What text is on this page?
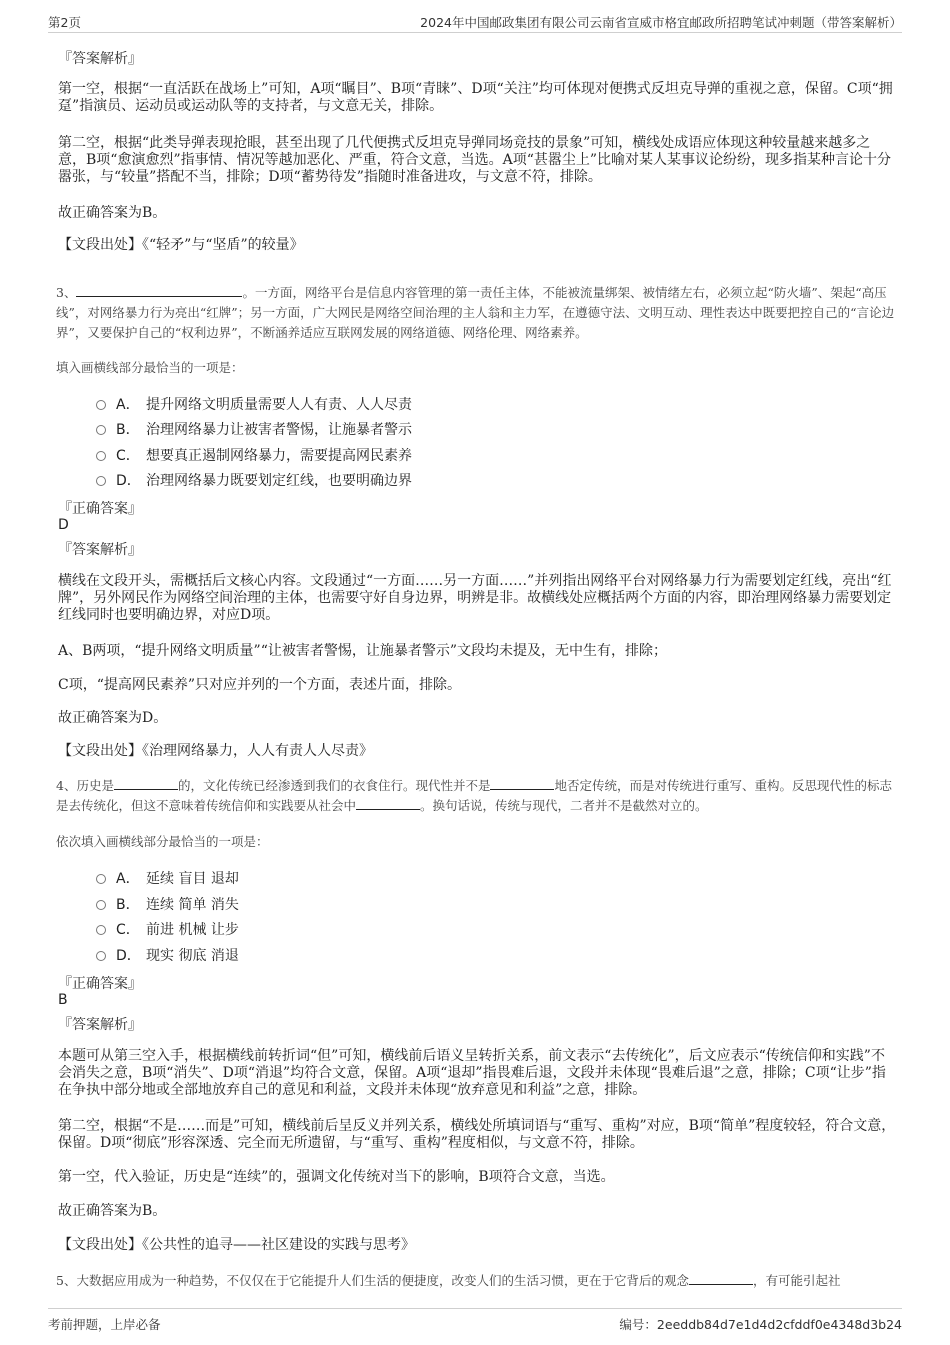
第2页	2024年中国邮政集团有限公司云南省宣威市格宜邮政所招聘笔试冲刺题（带答案解析）
『答案解析』
第一空，根据“一直活跃在战场上”可知，A项“瞩目”、B项“青睐”、D项“关注”均可体现对便携式反坦克导弹的重视之意，保留。C项“拥趸”指演员、运动员或运动队等的支持者，与文意无关，排除。
第二空，根据“此类导弹表现抢眼，甚至出现了几代便携式反坦克导弹同场竞技的景象”可知，横线处成语应体现这种较量越来越多之意，B项“愈演愈烈”指事情、情况等越加恶化、严重，符合文意，当选。A项“甚嚣尘上”比喻对某人某事议论纷纷，现多指某种言论十分嚣张，与“较量”搭配不当，排除；D项“蓄势待发”指随时准备进攻，与文意不符，排除。
故正确答案为B。
【文段出处】《“轻矛”与“坚盾”的较量》
3、	。一方面，网络平台是信息内容管理的第一责任主体，不能被流量绑架、被情绪左右，必须立起“防火墙”、架起“高压线”，对网络暴力行为亮出“红牌”；另一方面，广大网民是网络空间治理的主人翁和主力军，在遵德守法、文明互动、理性表达中既要把控自己的“言论边界”，又要保护自己的“权利边界”，不断涵养适应互联网发展的网络道德、网络伦理、网络素养。
填入画横线部分最恰当的一项是：
A． 提升网络文明质量需要人人有责、人人尽责
B． 治理网络暴力让被害者警惕，让施暴者警示
C． 想要真正遏制网络暴力，需要提高网民素养
D． 治理网络暴力既要划定红线，也要明确边界
『正确答案』
D
『答案解析』
横线在文段开头，需概括后文核心内容。文段通过“一方面……另一方面……”并列指出网络平台对网络暴力行为需要划定红线，亮出“红牌”，另外网民作为网络空间治理的主体，也需要守好自身边界，明辨是非。故横线处应概括两个方面的内容，即治理网络暴力需要划定红线同时也要明确边界，对应D项。
A、B两项，“提升网络文明质量”“让被害者警惕，让施暴者警示”文段均未提及，无中生有，排除；
C项，“提高网民素养”只对应并列的一个方面，表述片面，排除。
故正确答案为D。
【文段出处】《治理网络暴力，人人有责人人尽责》
4、历史是	的，文化传统已经渗透到我们的衣食住行。现代性并不是	地否定传统，而是对传统进行重写、重构。反思现代性的标志是去传统化，但这不意味着传统信仰和实践要从社会中	。换句话说，传统与现代，二者并不是截然对立的。
依次填入画横线部分最恰当的一项是：
A． 延续 盲目 退却
B． 连续 简单 消失
C． 前进 机械 让步
D． 现实 彻底 消退
『正确答案』
B
『答案解析』
本题可从第三空入手，根据横线前转折词“但”可知，横线前后语义呈转折关系，前文表示“去传统化”，后文应表示“传统信仰和实践”不会消失之意，B项“消失”、D项“消退”均符合文意，保留。A项“退却”指畏难后退，文段并未体现“畏难后退”之意，排除；C项“让步”指在争执中部分地或全部地放弃自己的意见和利益，文段并未体现“放弃意见和利益”之意，排除。
第二空，根据“不是……而是”可知，横线前后呈反义并列关系，横线处所填词语与“重写、重构”对应，B项“简单”程度较轻，符合文意，保留。D项“彻底”形容深透、完全而无所遗留，与“重写、重构”程度相似，与文意不符，排除。
第一空，代入验证，历史是“连续”的，强调文化传统对当下的影响，B项符合文意，当选。
故正确答案为B。
【文段出处】《公共性的追寻——社区建设的实践与思考》
5、大数据应用成为一种趋势，不仅仅在于它能提升人们生活的便捷度，改变人们的生活习惯，更在于它背后的观念	，有可能引起社
考前押题，上岸必备	编号：2eeddb84d7e1d4d2cfddf0e4348d3b24
